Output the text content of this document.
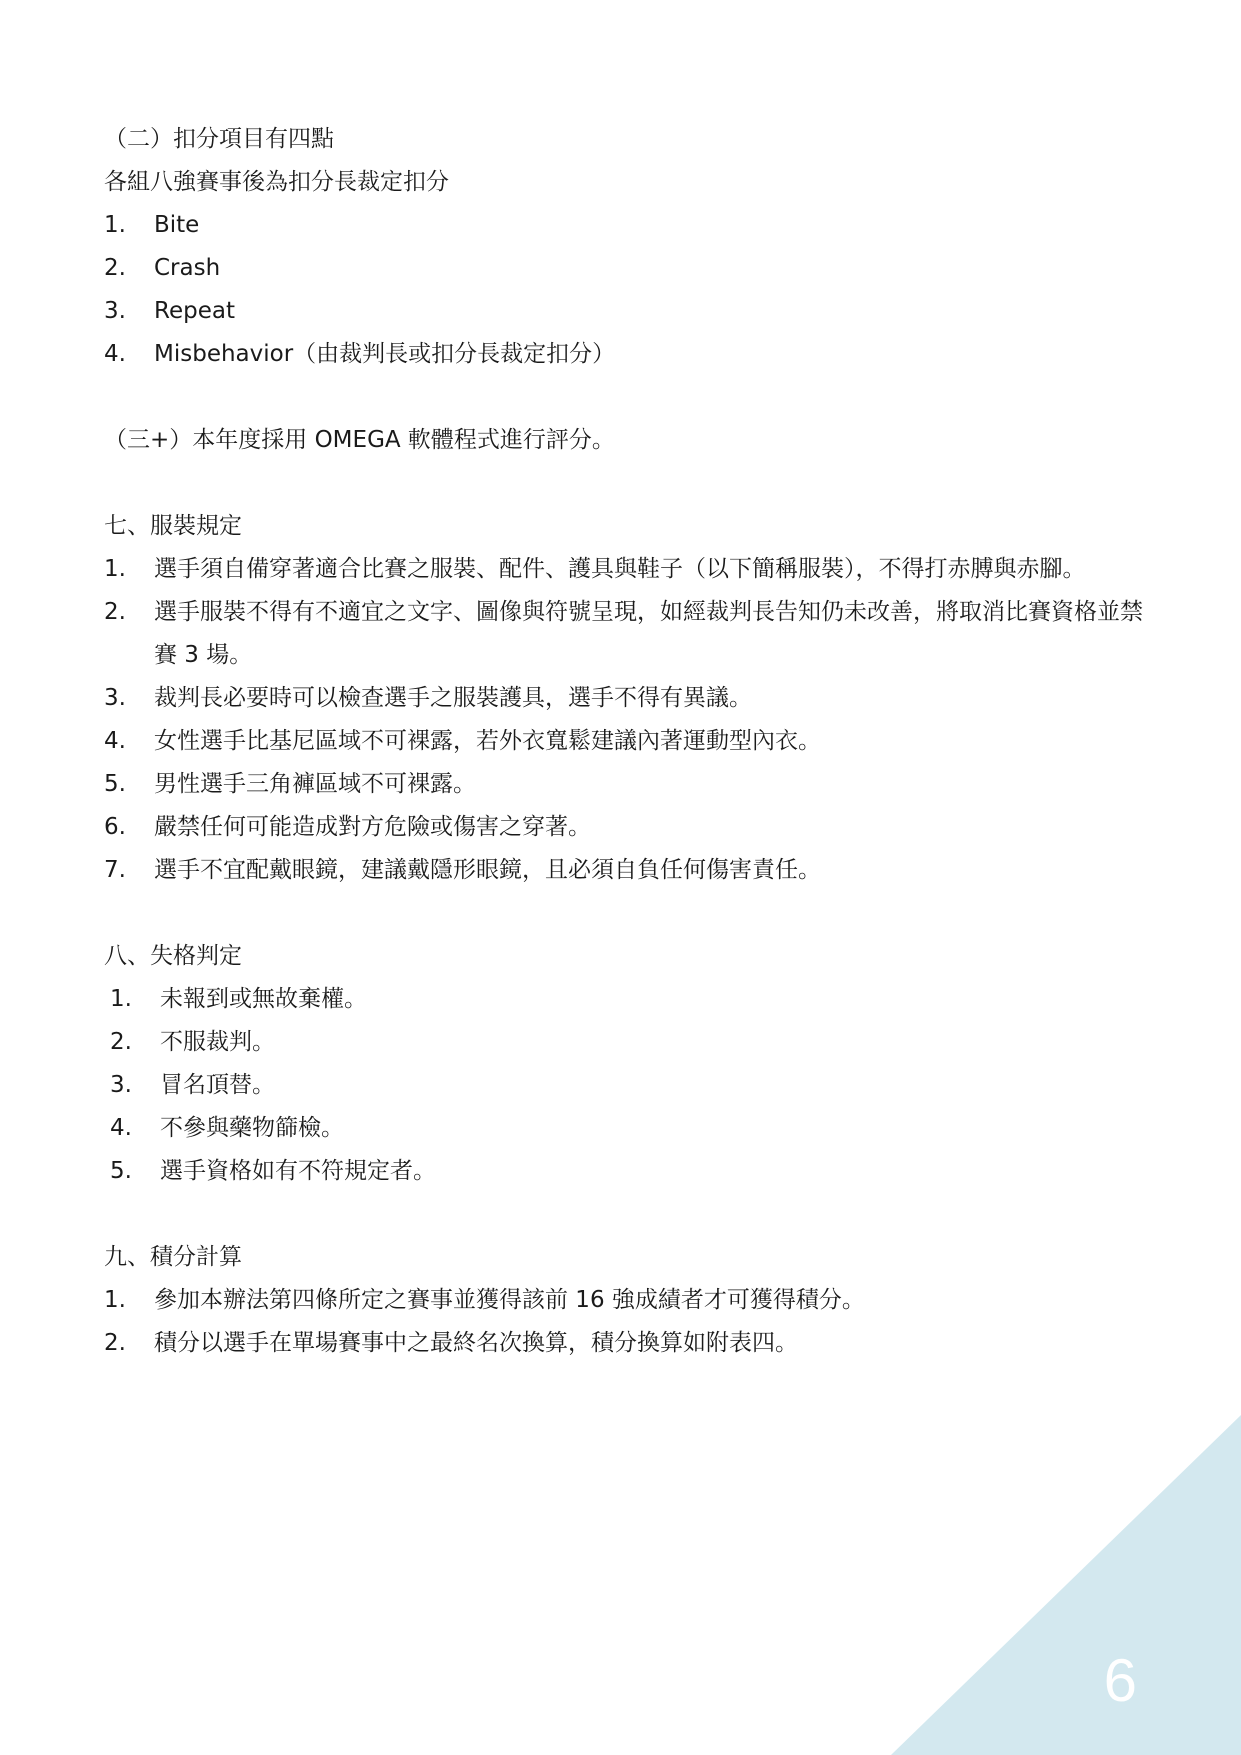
（二）扣分項目有四點
各組八強賽事後為扣分長裁定扣分
1. Bite
2. Crash
3. Repeat
4. Misbehavior（由裁判長或扣分長裁定扣分）
（三+）本年度採用 OMEGA 軟體程式進行評分。
七、服裝規定
1. 選手須自備穿著適合比賽之服裝、配件、護具與鞋子（以下簡稱服裝），不得打赤膊與赤腳。
2. 選手服裝不得有不適宜之文字、圖像與符號呈現，如經裁判長告知仍未改善，將取消比賽資格並禁賽 3 場。
3. 裁判長必要時可以檢查選手之服裝護具，選手不得有異議。
4. 女性選手比基尼區域不可裸露，若外衣寬鬆建議內著運動型內衣。
5. 男性選手三角褲區域不可裸露。
6. 嚴禁任何可能造成對方危險或傷害之穿著。
7. 選手不宜配戴眼鏡，建議戴隱形眼鏡，且必須自負任何傷害責任。
八、失格判定
1. 未報到或無故棄權。
2. 不服裁判。
3. 冒名頂替。
4. 不參與藥物篩檢。
5. 選手資格如有不符規定者。
九、積分計算
1. 參加本辦法第四條所定之賽事並獲得該前 16 強成績者才可獲得積分。
2. 積分以選手在單場賽事中之最終名次換算，積分換算如附表四。
6
